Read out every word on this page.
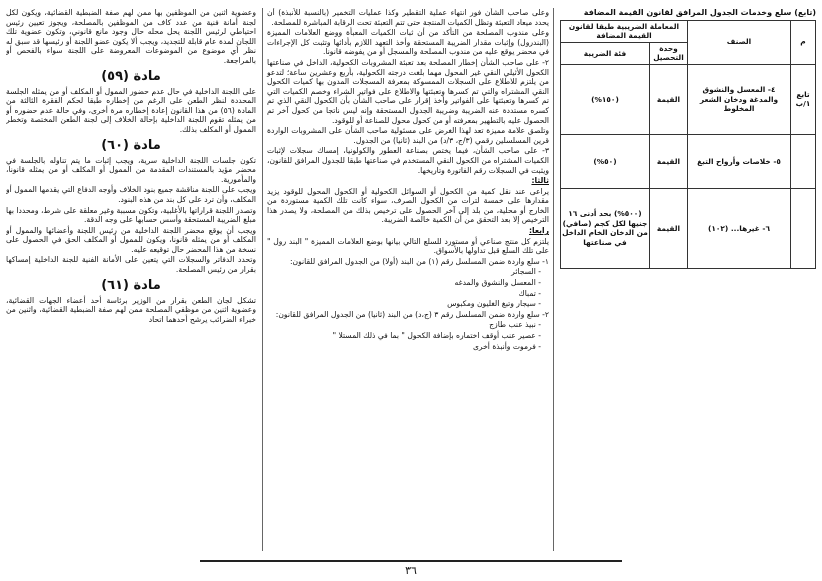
(تابع) سلع وخدمات الجدول المرافق لقانون القيمة المضافة
م	الصنف	المعاملة الضريبية طبقا لقانون القيمة المضافة	
		وحدة التحصيل	فئة الضريبة
تابع ١/ب	٤- المعسل والنشوق والمدغة ودخان الشعر المخلوط	القيمة	(١٥٠%)
	٥- خلاصات وأرواح التبغ	القيمة	(٥٠%)
	٦- غيرها... (١٠٢)	القيمة	(٥٠٠%) بحد أدنى ١٦ جنيها لكل كجم (صافي) من الدخان الخام الداخل في صناعتها

وعلى صاحب الشأن فور انتهاء عملية التقطير وكذا عمليات التخمير (بالنسبة للأنبذة) أن يحدد ميعاد التعبئة وتظل الكميات المنتجة حتى تتم التعبئة تحت الرقابة المباشرة للمصلحة.

وعلى مندوب المصلحة من التأكد من أن ثبات الكميات المعبأة ووضع العلامات المميزة (البندرول) وإثبات مقدار الضريبة المستحقة وأخذ التعهد اللازم بأدائها وتثبت كل الإجراءات في محضر يوقع عليه من مندوب المصلحة والمسجل أو من يفوضه قانونا.

٢- على صاحب الشأن إخطار المصلحة بعد تعبئة المشروبات الكحولية، الداخل في صناعتها الكحول الأثيلي النقي غير المحول مهما بلغت درجته الكحولية، بأربع وعشرين ساعة؛ لتدعو من يلتزم للاطلاع على السجلات الممسوكة بمعرفة المسجلات المدون بها كميات الكحول النقي المشتراه والتي تم كسرها وتعبئتها والاطلاع على فواتير الشراء وخصم الكميات التي تم كسرها وتعبئتها على الفواتير وأخذ إقرار على صاحب الشأن بأن الكحول النقي الذي تم كسره مستددة عنه الضريبة وضريبة الجدول المستحقة وإنه ليس ناتجا من كحول آخر تم الحصول عليه بالتطهير بمعرفته أو من كحول محول للصناعة أو للوقود.

وتلصق علامة مميزة تعد لهذا الغرض على مسئولية صاحب الشأن على المشروبات الواردة قرين المسلسلين رقمي (٣/ج، ٣/د) من البند (ثانيا) من الجدول.

٣- على صاحب الشأن، فيما يختص بصناعة العطور والكولونيا، إمساك سجلات لإثبات الكميات المشتراه من الكحول النقي المستخدم في صناعتها طبقا للجدول المرافق للقانون، ويثبت في السجلات رقم الفاتورة وتاريخها.

ثالثا:

يراعى عند نقل كمية من الكحول أو السوائل الكحولية أو الكحول المحول للوقود يزيد مقدارها على خمسة لترات من الكحول الصرف، سواء كانت تلك الكمية مستوردة من الخارج أو محلية، من بلد إلى آخر الحصول على ترخيص بذلك من المصلحة، ولا يصدر هذا الترخيص إلا بعد التحقق من أن الكمية خالصة الضريبة.

رابعا:

يلتزم كل منتج صناعي أو مستورد للسلع التالي بيانها بوضع العلامات المميزة " البند رول " على تلك السلع قبل تداولها بالأسواق.

١- سلع واردة ضمن المسلسل رقم (١) من البند (أولا) من الجدول المرافق للقانون:

- السجائر

- المعسل والنشوق والمدغه

- تمباك

- سيجار وتبغ الغليون ومكبوس

٢- سلع واردة ضمن المسلسل رقم ٣ (ج،د) من البند (ثانيا) من الجدول المرافق للقانون:

- نبيذ عنب طازج

- عصير عنب أوقف اختماره بإضافة الكحول " بما في ذلك المستلا "

- فرموت وأنبذة أخرى

وعضوية اثنين من الموظفين بها ممن لهم صفة الضبطية القضائية، ويكون لكل لجنة أمانة فنية من عدد كاف من الموظفين بالمصلحة، ويجوز تعيين رئيس احتياطي لرئيس اللجنة يحل محله حال وجود مانع قانوني، وتكون عضوية تلك اللجان لمدة عام قابلة للتجديد، ويجب ألا يكون عضو اللجنة أو رئيسها قد سبق له نظر أي موضوع من الموضوعات المعروضة على اللجنة سواء بالفحص أو بالمراجعة.

مادة (٥٩)

على اللجنة الداخلية في حال عدم حضور الممول أو المكلف أو من يمثله الجلسة المحددة لنظر الطعن على الرغم من إخطاره طبقا لحكم الفقرة الثالثة من المادة (٥٦) من هذا القانون إعادة إخطاره مرة أخرى، وفي حالة عدم حضوره أو من يمثله تقوم اللجنة الداخلية بإحالة الخلاف إلى لجنة الطعن المختصة وتخطر الممول أو المكلف بذلك.

مادة (٦٠)

تكون جلسات اللجنة الداخلية سرية، ويجب إثبات ما يتم تناوله بالجلسة في محضر مؤيد بالمستندات المقدمة من الممول أو المكلف أو من يمثله قانونا، والمأمورية.

ويجب على اللجنة مناقشة جميع بنود الخلاف وأوجه الدفاع التي يقدمها الممول أو المكلف، وأن ترد على كل بند من هذه البنود.

وتصدر اللجنة قراراتها بالأغلبية، وتكون مسببة وغير معلقة على شرط، ومحددا بها مبلغ الضريبة المستحقة وأسس حسابها على وجه الدقة.

ويجب أن يوقع محضر اللجنة الداخلية من رئيس اللجنة وأعضائها والممول أو المكلف أو من يمثله قانونا، ويكون للممول أو المكلف الحق في الحصول على نسخة من هذا المحضر حال توقيعه عليه.

وتحدد الدفاتر والسجلات التي يتعين على الأمانة الفنية للجنة الداخلية إمساكها بقرار من رئيس المصلحة.

مادة (٦١)

تشكل لجان الطعن بقرار من الوزير برئاسة أحد أعضاء الجهات القضائية، وعضوية اثنين من موظفي المصلحة ممن لهم صفة الضبطية القضائية، واثنين من خبراء الضرائب يرشح أحدهما اتحاد

٣٦
